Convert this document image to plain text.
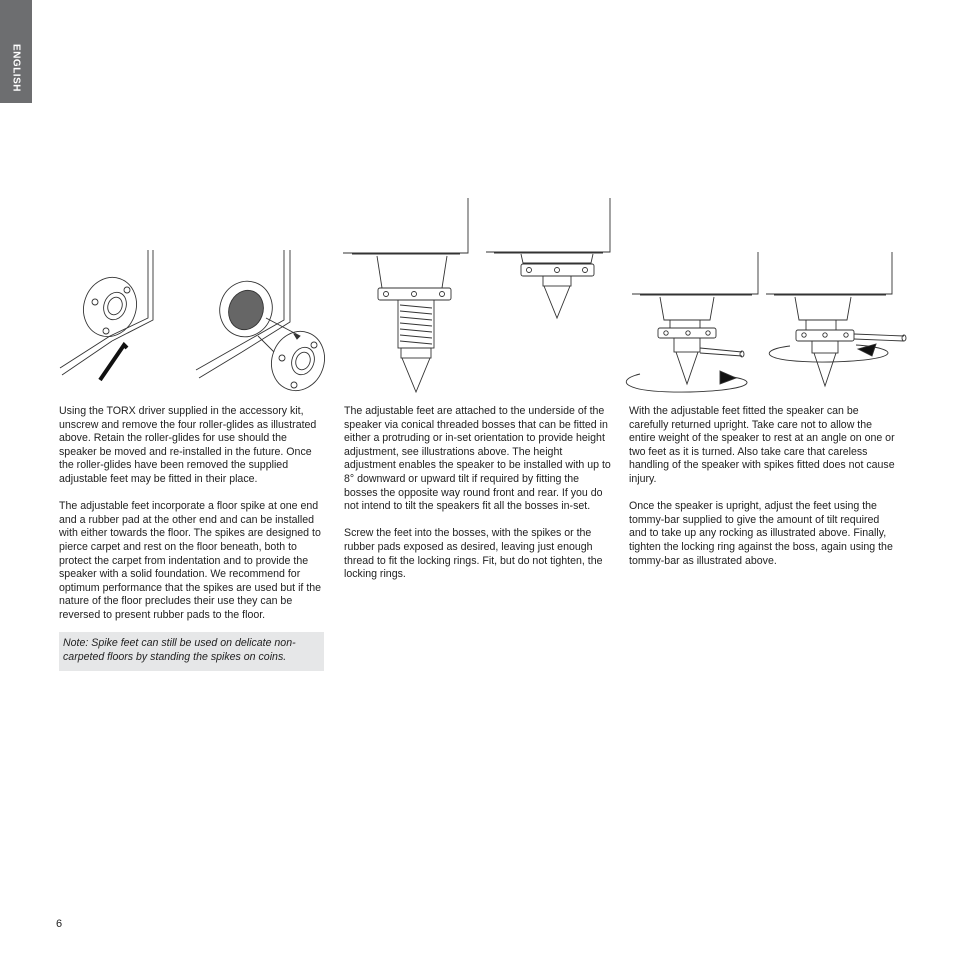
ENGLISH

Using the TORX driver supplied in the accessory kit, unscrew and remove the four roller-glides as illustrated above. Retain the roller-glides for use should the speaker be moved and re-installed in the future. Once the roller-glides have been removed the supplied adjustable feet may be fitted in their place.

The adjustable feet incorporate a floor spike at one end and a rubber pad at the other end and can be installed with either towards the floor. The spikes are designed to pierce carpet and rest on the floor beneath, both to protect the carpet from indentation and to provide the speaker with a solid foundation. We recommend for optimum performance that the spikes are used but if the nature of the floor precludes their use they can be reversed to present rubber pads to the floor.

Note: Spike feet can still be used on delicate non-carpeted floors by standing the spikes on coins.

The adjustable feet are attached to the underside of the speaker via conical threaded bosses that can be fitted in either a protruding or in-set orientation to provide height adjustment, see illustrations above. The height adjustment enables the speaker to be installed with up to 8° downward or upward tilt if required by fitting the bosses the opposite way round front and rear. If you do not intend to tilt the speakers fit all the bosses in-set.

Screw the feet into the bosses, with the spikes or the rubber pads exposed as desired, leaving just enough thread to fit the locking rings. Fit, but do not tighten, the locking rings.

With the adjustable feet fitted the speaker can be carefully returned upright. Take care not to allow the entire weight of the speaker to rest at an angle on one or two feet as it is turned. Also take care that careless handling of the speaker with spikes fitted does not cause injury.

Once the speaker is upright, adjust the feet using the tommy-bar supplied to give the amount of tilt required and to take up any rocking as illustrated above. Finally, tighten the locking ring against the boss, again using the tommy-bar as illustrated above.

6
